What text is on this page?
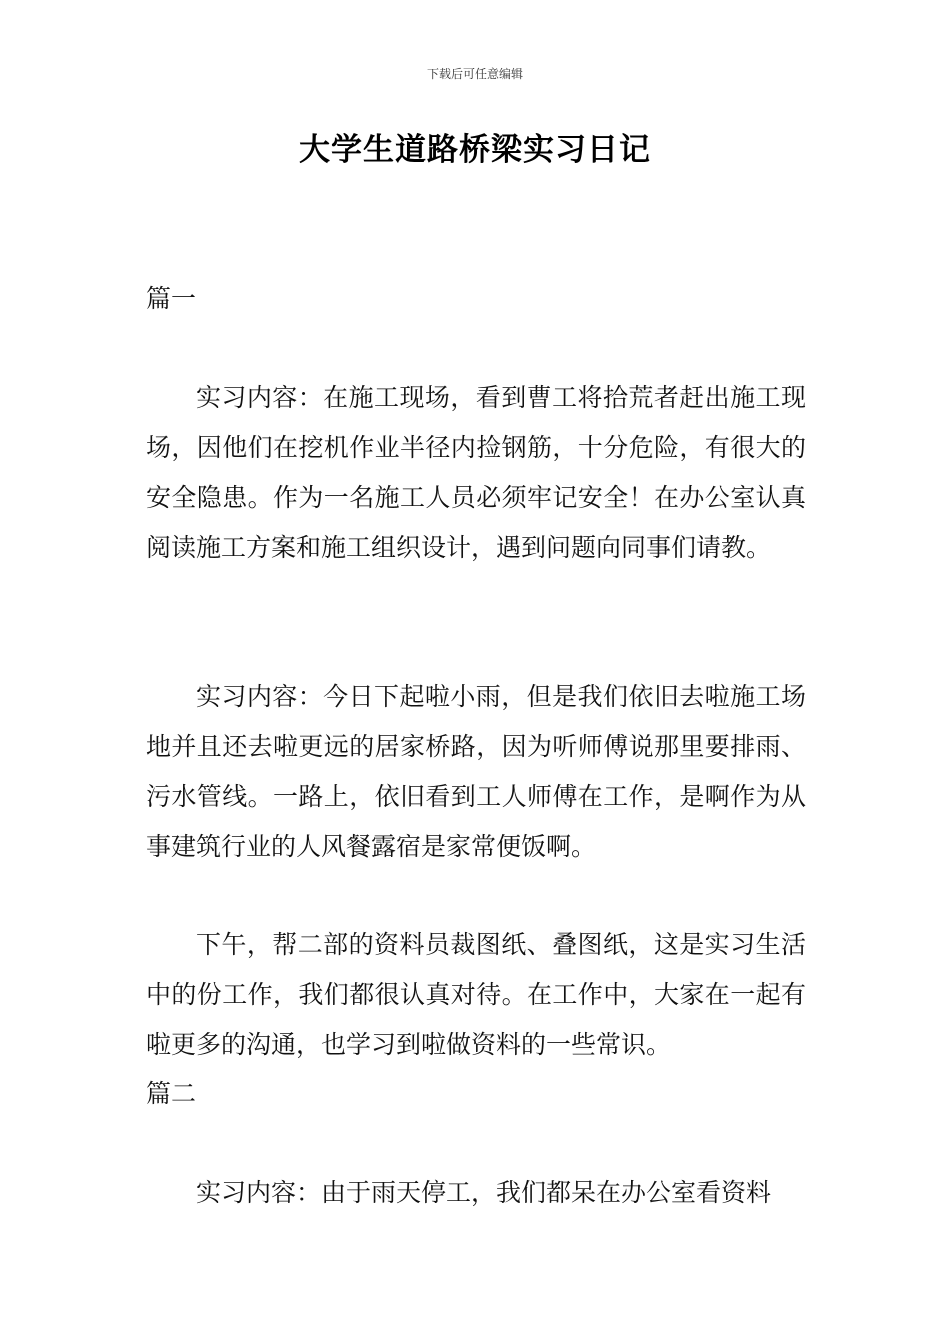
下载后可任意编辑
大学生道路桥梁实习日记
篇一

实习内容：在施工现场，看到曹工将拾荒者赶出施工现场，因他们在挖机作业半径内捡钢筋，十分危险，有很大的安全隐患。作为一名施工人员必须牢记安全！在办公室认真阅读施工方案和施工组织设计，遇到问题向同事们请教。

实习内容：今日下起啦小雨，但是我们依旧去啦施工场地并且还去啦更远的居家桥路，因为听师傅说那里要排雨、污水管线。一路上，依旧看到工人师傅在工作，是啊作为从事建筑行业的人风餐露宿是家常便饭啊。

下午，帮二部的资料员裁图纸、叠图纸，这是实习生活中的份工作，我们都很认真对待。在工作中，大家在一起有啦更多的沟通，也学习到啦做资料的一些常识。

篇二

实习内容：由于雨天停工，我们都呆在办公室看资料
